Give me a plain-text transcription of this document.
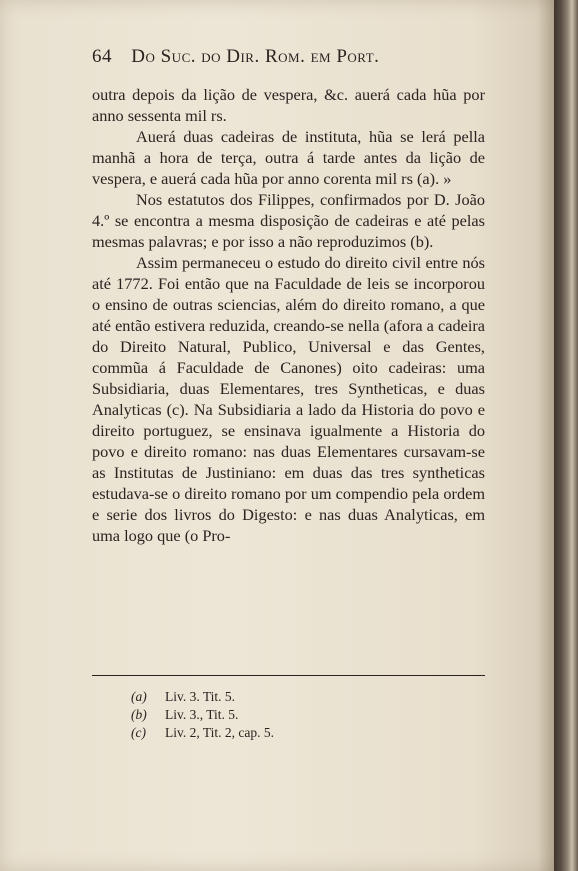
64 Do Suc. do Dir. Rom. em Port.

outra depois da lição de vespera, &c. auerá cada hũa por anno sessenta mil rs.

Auerá duas cadeiras de instituta, hũa se lerá pella manhã a hora de terça, outra á tarde antes da lição de vespera, e auerá cada hũa por anno corenta mil rs (a). »

Nos estatutos dos Filippes, confirmados por D. João 4.º se encontra a mesma disposição de cadeiras e até pelas mesmas palavras; e por isso a não reproduzimos (b).

Assim permaneceu o estudo do direito civil entre nós até 1772. Foi então que na Faculdade de leis se incorporou o ensino de outras sciencias, além do direito romano, a que até então estivera reduzida, creando-se nella (afora a cadeira do Direito Natural, Publico, Universal e das Gentes, commũa á Faculdade de Canones) oito cadeiras: uma Subsidiaria, duas Elementares, tres Syntheticas, e duas Analyticas (c). Na Subsidiaria a lado da Historia do povo e direito portuguez, se ensinava igualmente a Historia do povo e direito romano: nas duas Elementares cursavam-se as Institutas de Justiniano: em duas das tres syntheticas estudava-se o direito romano por um compendio pela ordem e serie dos livros do Digesto: e nas duas Analyticas, em uma logo que (o Pro-

(a) Liv. 3. Tit. 5.
(b) Liv. 3., Tit. 5.
(c) Liv. 2, Tit. 2, cap. 5.
